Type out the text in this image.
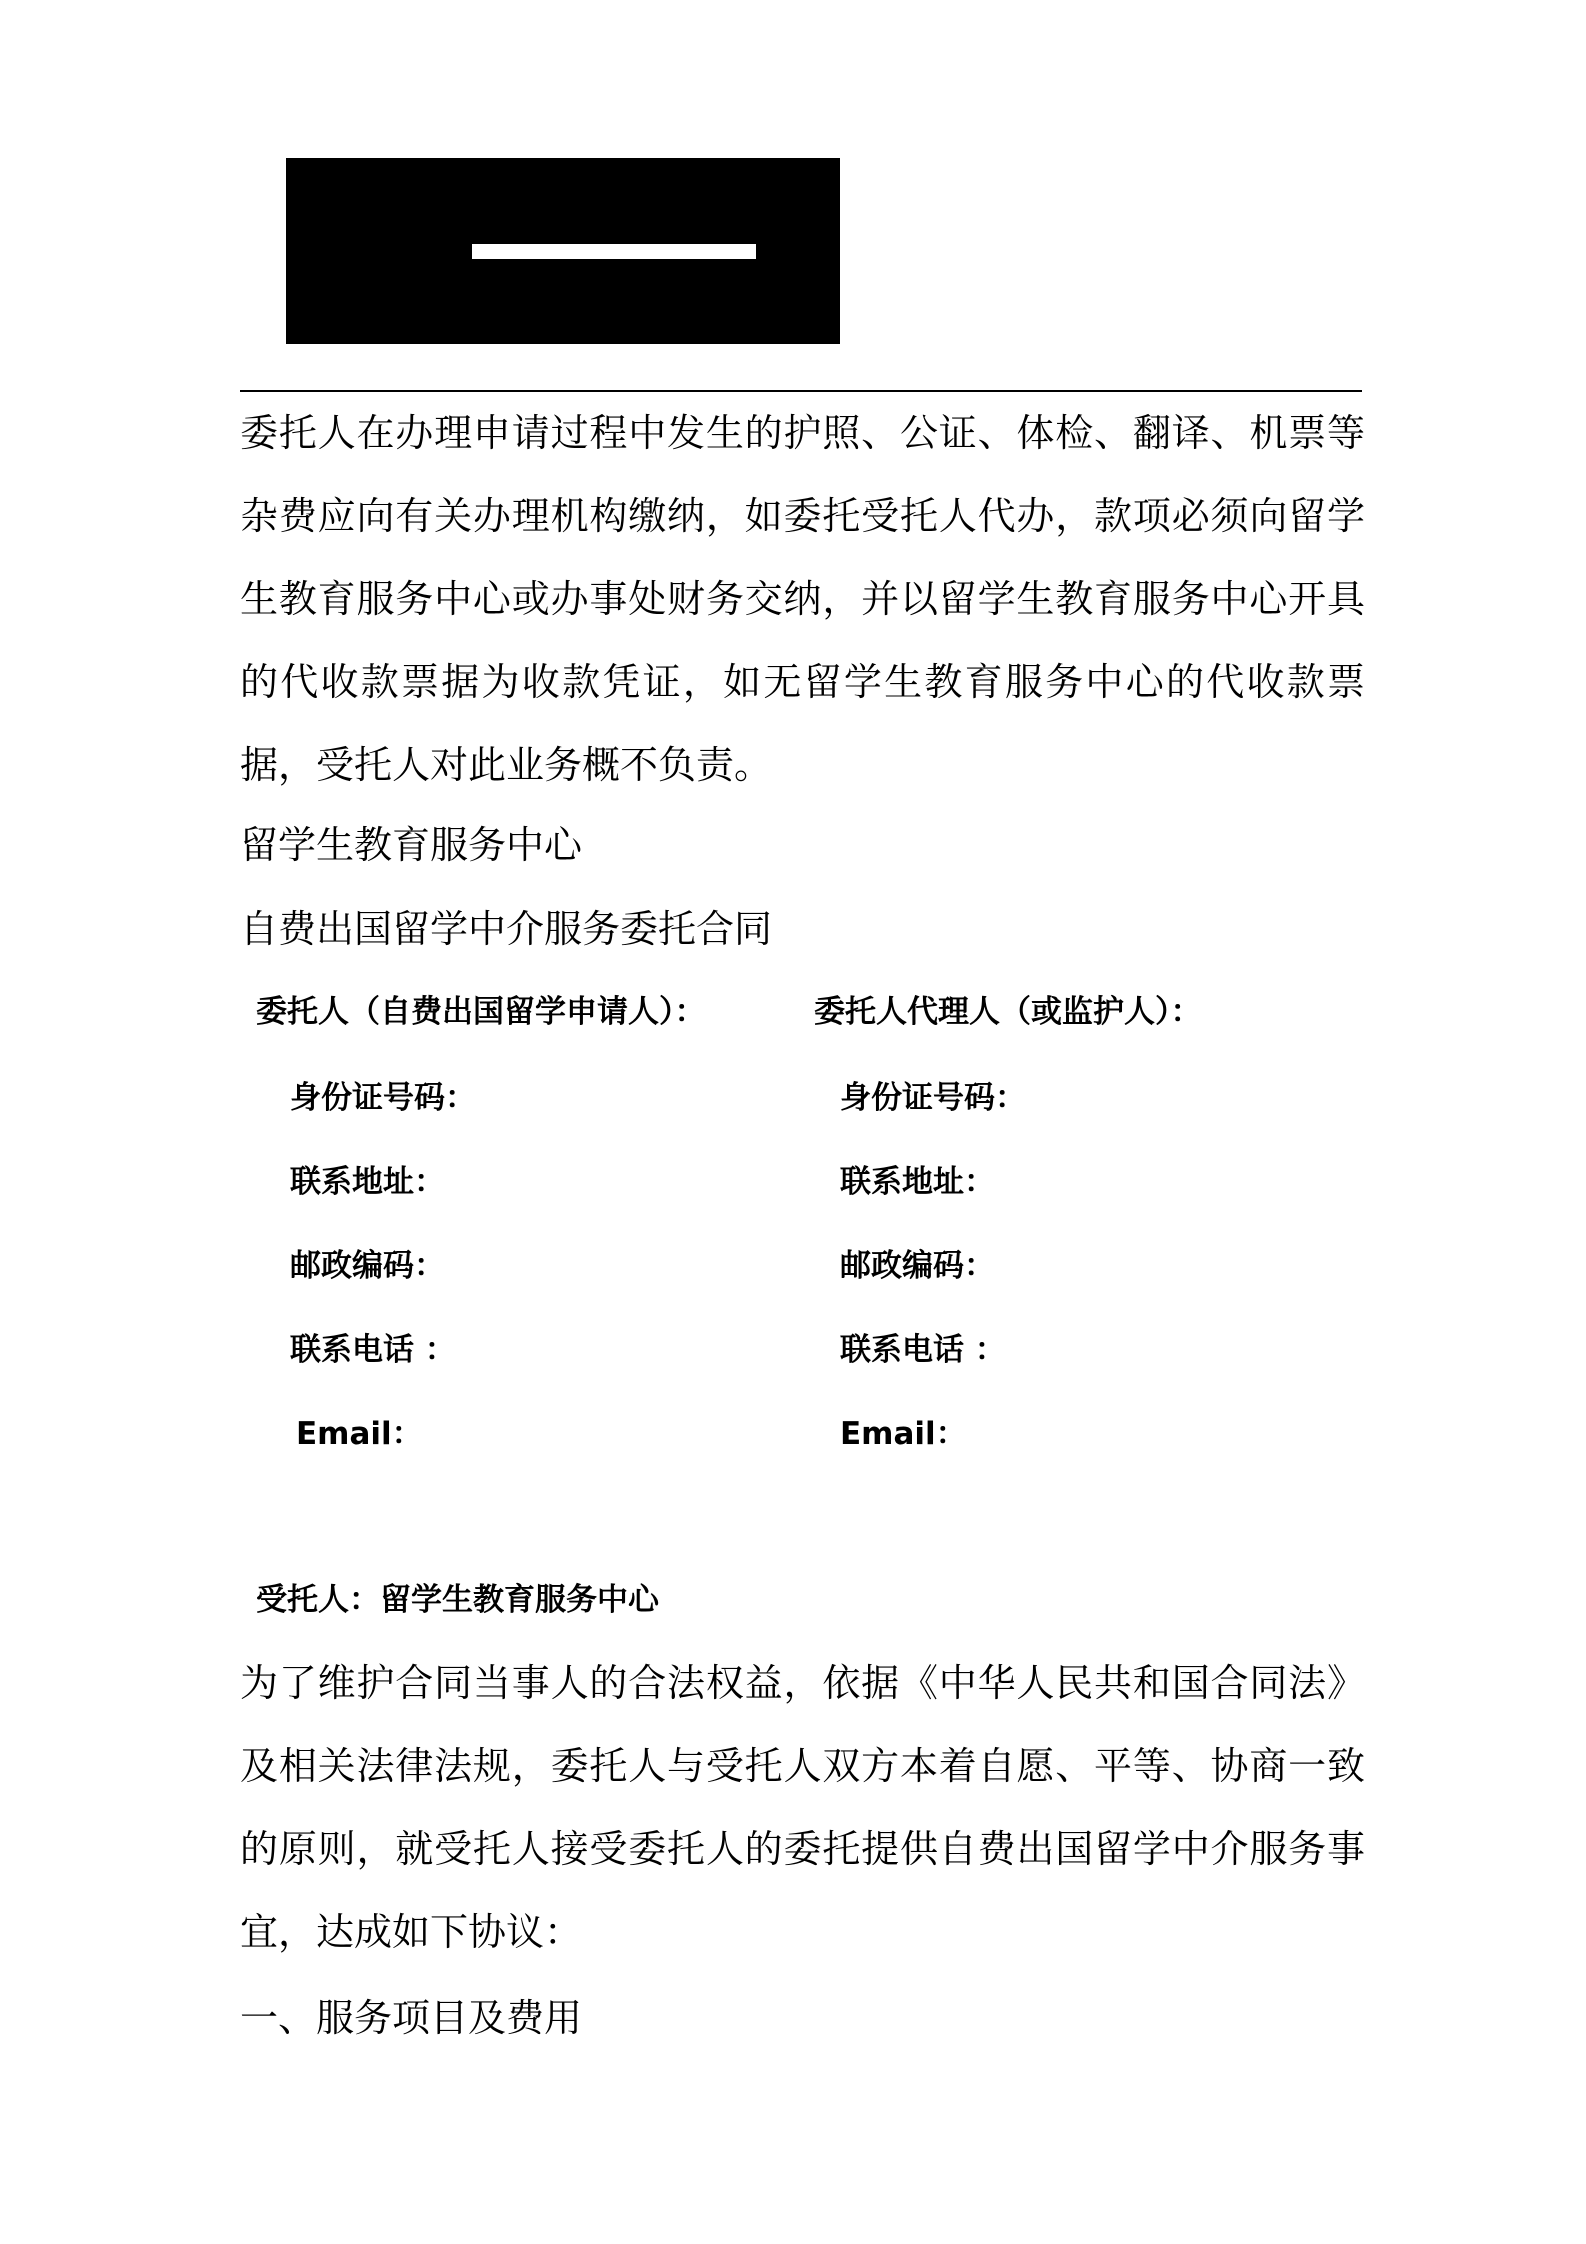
委托人在办理申请过程中发生的护照、公证、体检、翻译、机票等杂费应向有关办理机构缴纳，如委托受托人代办，款项必须向留学生教育服务中心或办事处财务交纳，并以留学生教育服务中心开具的代收款票据为收款凭证，如无留学生教育服务中心的代收款票据，受托人对此业务概不负责。

留学生教育服务中心

自费出国留学中介服务委托合同

委托人（自费出国留学申请人）：	委托人代理人（或监护人）：

身份证号码：	身份证号码：

联系地址：	联系地址：

邮政编码：	邮政编码：

联系电话 ：	联系电话 ：

Email：	Email：

受托人：留学生教育服务中心

为了维护合同当事人的合法权益，依据《中华人民共和国合同法》及相关法律法规，委托人与受托人双方本着自愿、平等、协商一致的原则，就受托人接受委托人的委托提供自费出国留学中介服务事宜，达成如下协议：

一、服务项目及费用
